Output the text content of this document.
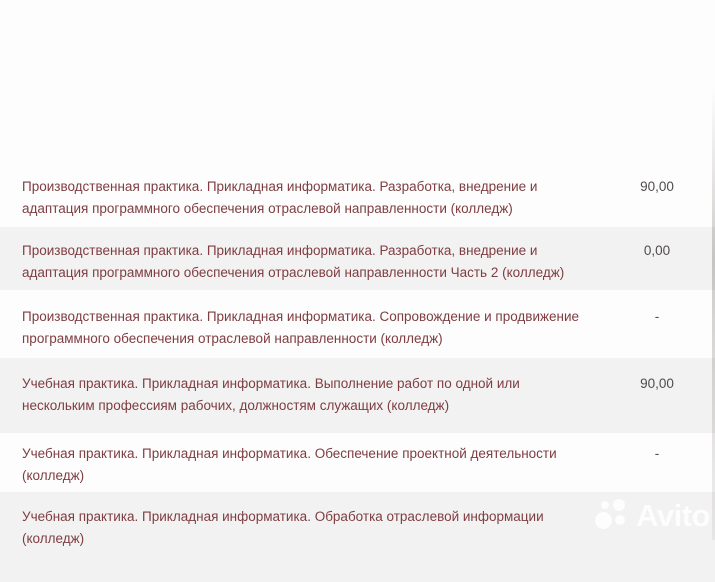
Производственная практика. Прикладная информатика. Разработка, внедрение и
адаптация программного обеспечения отраслевой направленности (колледж)
90,00
Производственная практика. Прикладная информатика. Разработка, внедрение и
адаптация программного обеспечения отраслевой направленности Часть 2 (колледж)
0,00
Производственная практика. Прикладная информатика. Сопровождение и продвижение
программного обеспечения отраслевой направленности (колледж)
-
Учебная практика. Прикладная информатика. Выполнение работ по одной или
нескольким профессиям рабочих, должностям служащих (колледж)
90,00
Учебная практика. Прикладная информатика. Обеспечение проектной деятельности
(колледж)
-
Учебная практика. Прикладная информатика. Обработка отраслевой информации
(колледж)
Avito
